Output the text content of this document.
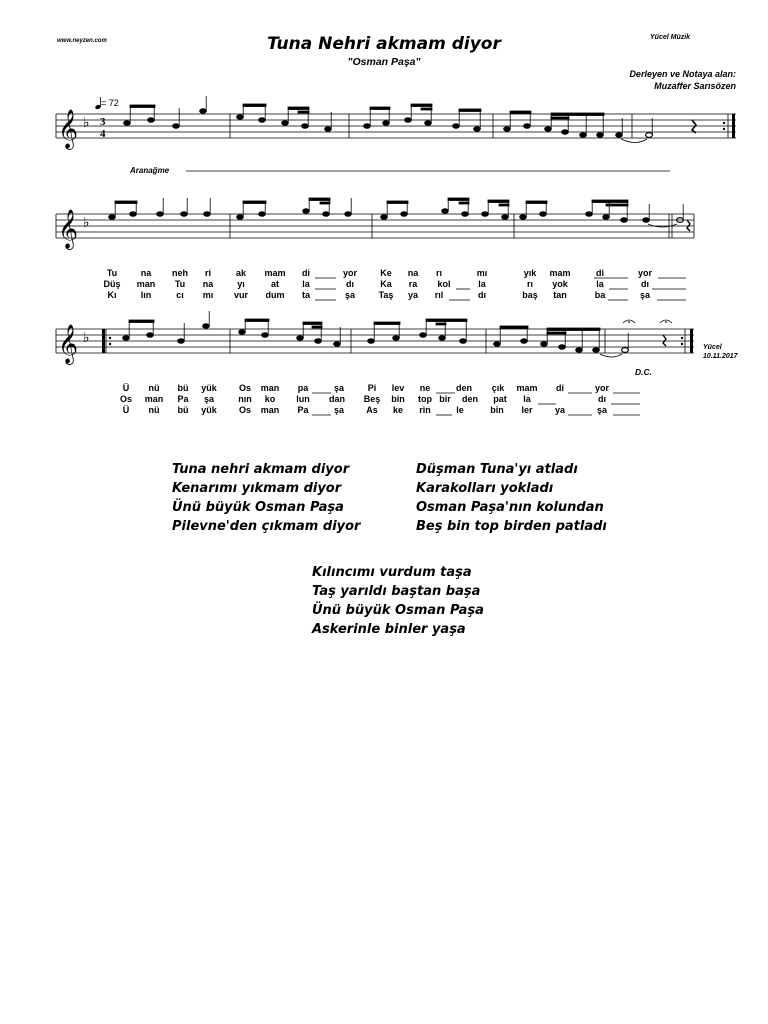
www.neyzen.com	Yücel Müzik
Tuna Nehri akmam diyor
"Osman Paşa"
Derleyen ve Notaya alan:
Muzaffer Sarısözen
= 72
𝄞 ♭ 3
4
Aranağme
𝄞 ♭
Tu	na neh ri	ak mam di	yor	Ke na rı	mı	yık mam	di	yor
Düş man Tu na	yı	at	la	dı	Ka ra kol	la	rı yok	la	dı
Kı	lın	cı mı vur dum ta	şa	Taş ya rıl	dı	baş tan	ba	şa
𝄞 ♭
D.C.
Yücel
10.11.2017
Ü nü bü yük Os man pa	şa	Pi lev ne	den çık mam di	yor
Os man Pa şa	nın ko lun dan Beş bin top bir den pat la	dı
Ü nü bü yük Os man Pa	şa As ke rin	le	bin ler ya	şa
Tuna nehri akmam diyor
Kenarımı yıkmam diyor
Ünü büyük Osman Paşa
Pilevne'den çıkmam diyor
Düşman Tuna'yı atladı
Karakolları yokladı
Osman Paşa'nın kolundan
Beş bin top birden patladı
Kılıncımı vurdum taşa
Taş yarıldı baştan başa
Ünü büyük Osman Paşa
Askerinle binler yaşa
